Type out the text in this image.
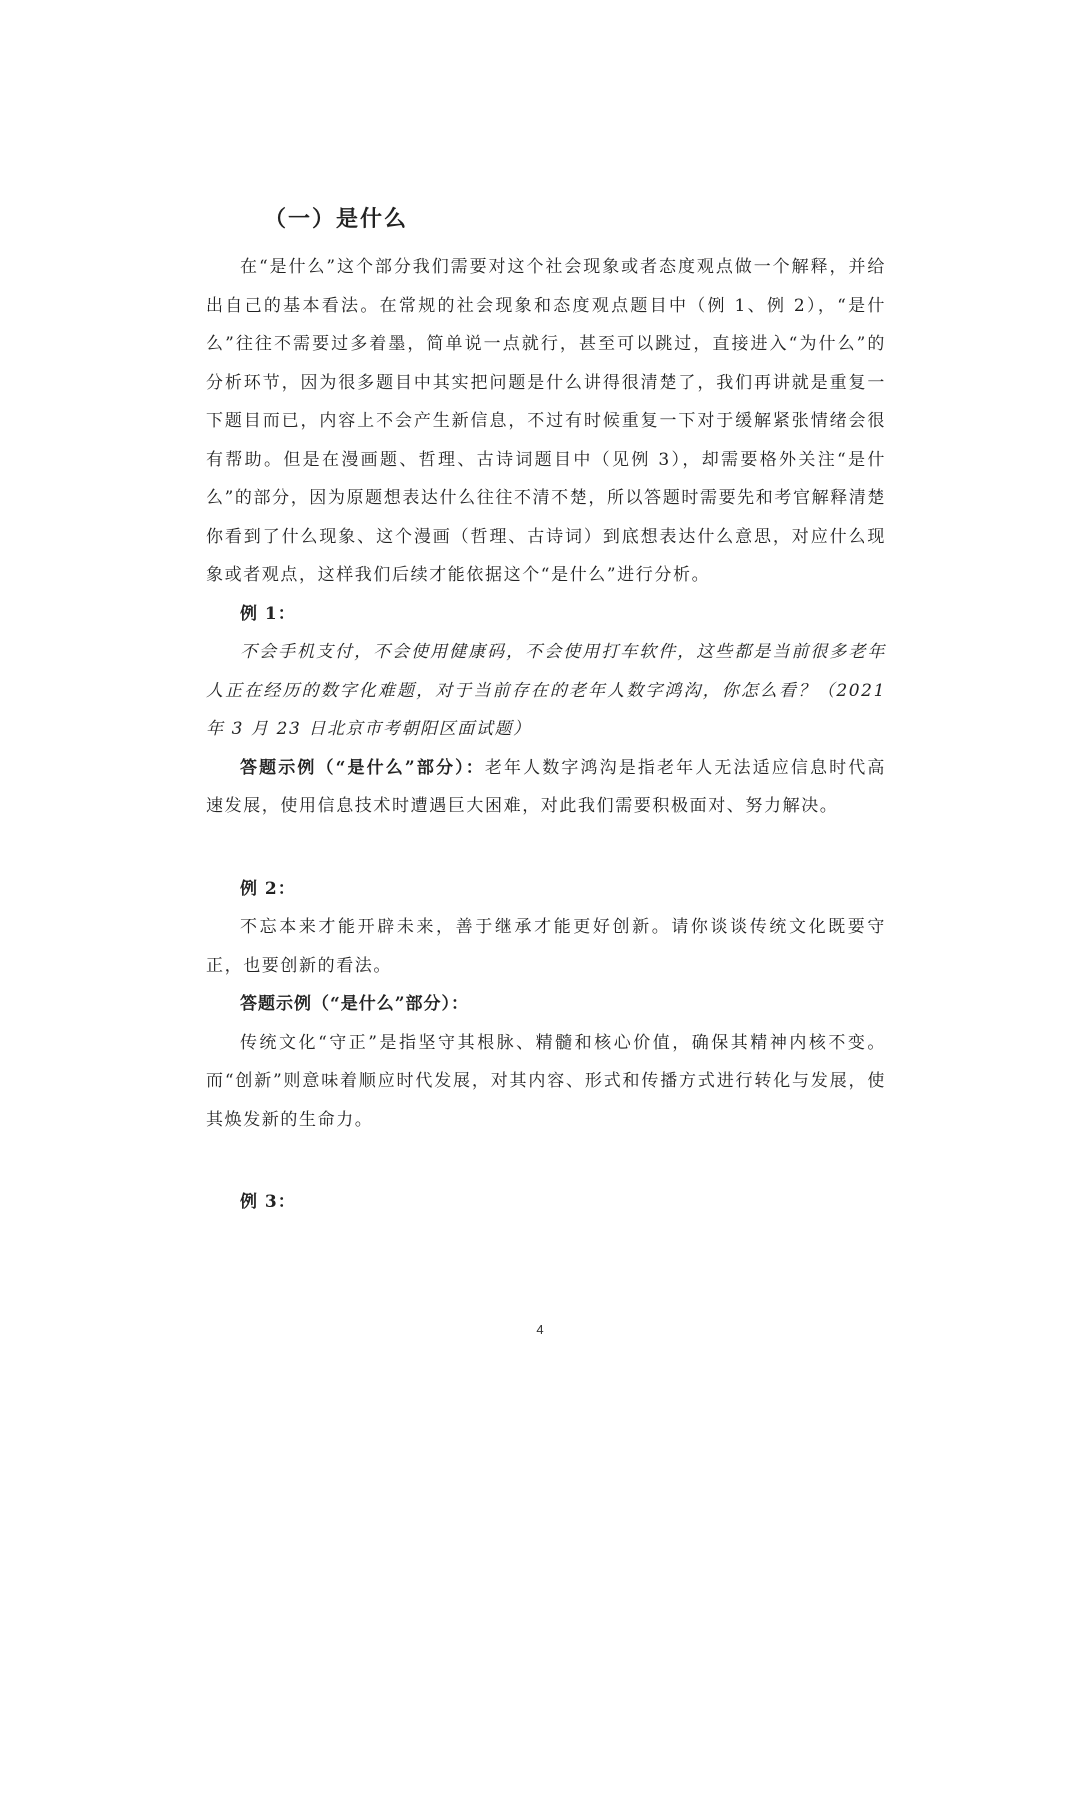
（一）是什么

在“是什么”这个部分我们需要对这个社会现象或者态度观点做一个解释，并给出自己的基本看法。在常规的社会现象和态度观点题目中（例 1、例 2），“是什么”往往不需要过多着墨，简单说一点就行，甚至可以跳过，直接进入“为什么”的分析环节，因为很多题目中其实把问题是什么讲得很清楚了，我们再讲就是重复一下题目而已，内容上不会产生新信息，不过有时候重复一下对于缓解紧张情绪会很有帮助。但是在漫画题、哲理、古诗词题目中（见例 3），却需要格外关注“是什么”的部分，因为原题想表达什么往往不清不楚，所以答题时需要先和考官解释清楚你看到了什么现象、这个漫画（哲理、古诗词）到底想表达什么意思，对应什么现象或者观点，这样我们后续才能依据这个“是什么”进行分析。

例 1：

不会手机支付，不会使用健康码，不会使用打车软件，这些都是当前很多老年人正在经历的数字化难题，对于当前存在的老年人数字鸿沟，你怎么看？（2021 年 3 月 23 日北京市考朝阳区面试题）

答题示例（“是什么”部分）：老年人数字鸿沟是指老年人无法适应信息时代高速发展，使用信息技术时遭遇巨大困难，对此我们需要积极面对、努力解决。

例 2：

不忘本来才能开辟未来，善于继承才能更好创新。请你谈谈传统文化既要守正，也要创新的看法。

答题示例（“是什么”部分）：

传统文化“守正”是指坚守其根脉、精髓和核心价值，确保其精神内核不变。而“创新”则意味着顺应时代发展，对其内容、形式和传播方式进行转化与发展，使其焕发新的生命力。

例 3：

4
